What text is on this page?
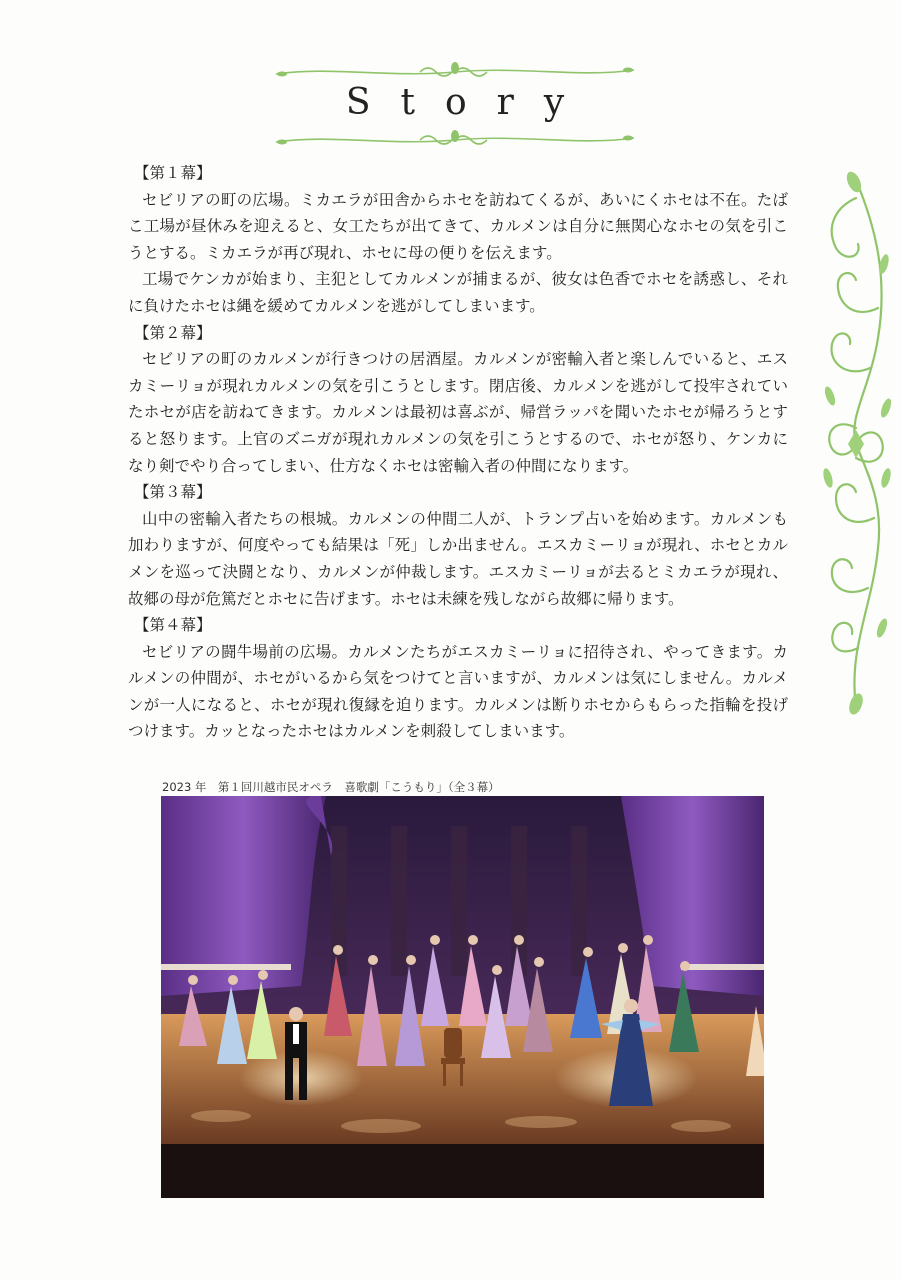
Story

【第１幕】

セビリアの町の広場。ミカエラが田舎からホセを訪ねてくるが、あいにくホセは不在。たばこ工場が昼休みを迎えると、女工たちが出てきて、カルメンは自分に無関心なホセの気を引こうとする。ミカエラが再び現れ、ホセに母の便りを伝えます。

工場でケンカが始まり、主犯としてカルメンが捕まるが、彼女は色香でホセを誘惑し、それに負けたホセは縄を緩めてカルメンを逃がしてしまいます。

【第２幕】

セビリアの町のカルメンが行きつけの居酒屋。カルメンが密輸入者と楽しんでいると、エスカミーリョが現れカルメンの気を引こうとします。閉店後、カルメンを逃がして投牢されていたホセが店を訪ねてきます。カルメンは最初は喜ぶが、帰営ラッパを聞いたホセが帰ろうとすると怒ります。上官のズニガが現れカルメンの気を引こうとするので、ホセが怒り、ケンカになり剣でやり合ってしまい、仕方なくホセは密輸入者の仲間になります。

【第３幕】

山中の密輸入者たちの根城。カルメンの仲間二人が、トランプ占いを始めます。カルメンも加わりますが、何度やっても結果は「死」しか出ません。エスカミーリョが現れ、ホセとカルメンを巡って決闘となり、カルメンが仲裁します。エスカミーリョが去るとミカエラが現れ、故郷の母が危篤だとホセに告げます。ホセは未練を残しながら故郷に帰ります。

【第４幕】

セビリアの闘牛場前の広場。カルメンたちがエスカミーリョに招待され、やってきます。カルメンの仲間が、ホセがいるから気をつけてと言いますが、カルメンは気にしません。カルメンが一人になると、ホセが現れ復縁を迫ります。カルメンは断りホセからもらった指輪を投げつけます。カッとなったホセはカルメンを刺殺してしまいます。

2023 年　第１回川越市民オペラ　喜歌劇「こうもり」（全３幕）
